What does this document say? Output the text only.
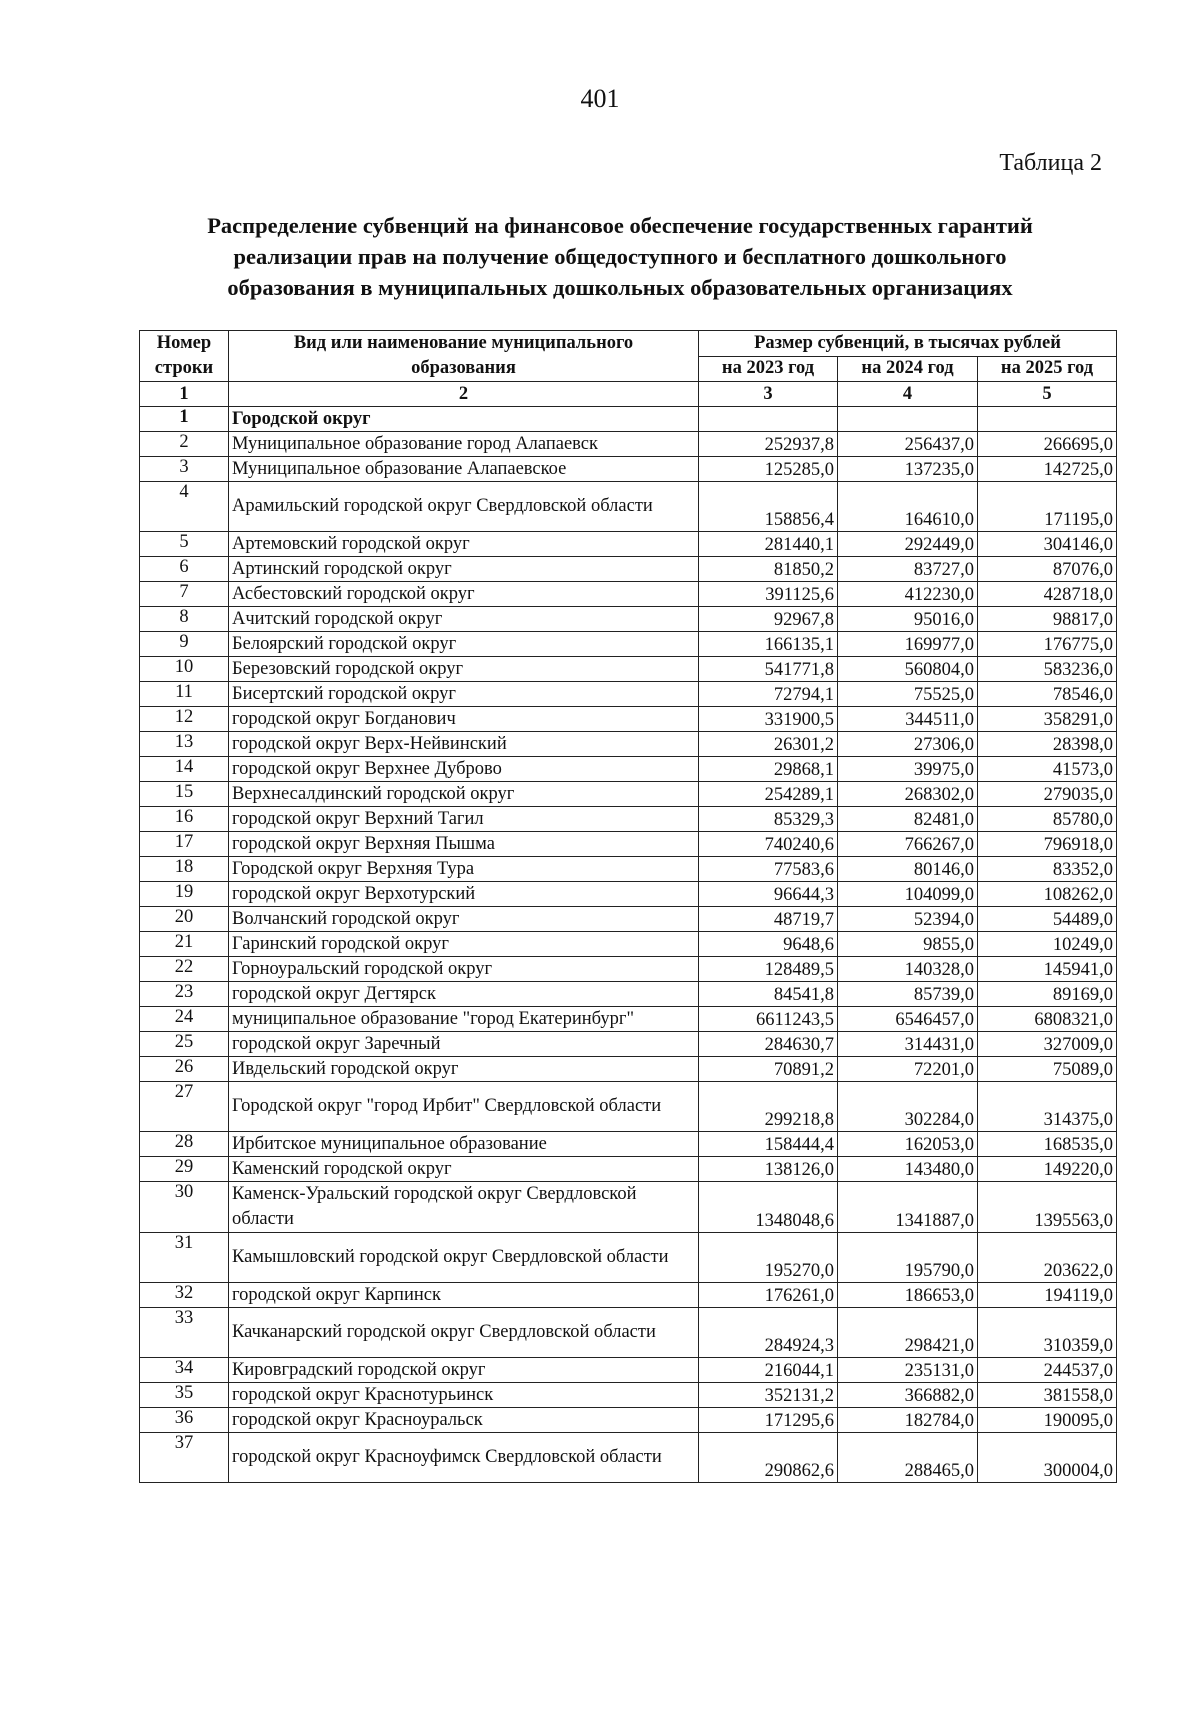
401
Таблица 2
Распределение субвенций на финансовое обеспечение государственных гарантий
реализации прав на получение общедоступного и бесплатного дошкольного
образования в муниципальных дошкольных образовательных организациях
Номер строки	Вид или наименование муниципального образования	Размер субвенций, в тысячах рублей		
		на 2023 год	на 2024 год	на 2025 год
1	2	3	4	5
1	Городской округ			
2	Муниципальное образование город Алапаевск	252937,8	256437,0	266695,0
3	Муниципальное образование Алапаевское	125285,0	137235,0	142725,0
4	Арамильский городской округ Свердловской области	158856,4	164610,0	171195,0
5	Артемовский городской округ	281440,1	292449,0	304146,0
6	Артинский городской округ	81850,2	83727,0	87076,0
7	Асбестовский городской округ	391125,6	412230,0	428718,0
8	Ачитский городской округ	92967,8	95016,0	98817,0
9	Белоярский городской округ	166135,1	169977,0	176775,0
10	Березовский городской округ	541771,8	560804,0	583236,0
11	Бисертский городской округ	72794,1	75525,0	78546,0
12	городской округ Богданович	331900,5	344511,0	358291,0
13	городской округ Верх-Нейвинский	26301,2	27306,0	28398,0
14	городской округ Верхнее Дуброво	29868,1	39975,0	41573,0
15	Верхнесалдинский городской округ	254289,1	268302,0	279035,0
16	городской округ Верхний Тагил	85329,3	82481,0	85780,0
17	городской округ Верхняя Пышма	740240,6	766267,0	796918,0
18	Городской округ Верхняя Тура	77583,6	80146,0	83352,0
19	городской округ Верхотурский	96644,3	104099,0	108262,0
20	Волчанский городской округ	48719,7	52394,0	54489,0
21	Гаринский городской округ	9648,6	9855,0	10249,0
22	Горноуральский городской округ	128489,5	140328,0	145941,0
23	городской округ Дегтярск	84541,8	85739,0	89169,0
24	муниципальное образование "город Екатеринбург"	6611243,5	6546457,0	6808321,0
25	городской округ Заречный	284630,7	314431,0	327009,0
26	Ивдельский городской округ	70891,2	72201,0	75089,0
27	Городской округ "город Ирбит" Свердловской области	299218,8	302284,0	314375,0
28	Ирбитское муниципальное образование	158444,4	162053,0	168535,0
29	Каменский городской округ	138126,0	143480,0	149220,0
30	Каменск-Уральский городской округ Свердловской области	1348048,6	1341887,0	1395563,0
31	Камышловский городской округ Свердловской области	195270,0	195790,0	203622,0
32	городской округ Карпинск	176261,0	186653,0	194119,0
33	Качканарский городской округ Свердловской области	284924,3	298421,0	310359,0
34	Кировградский городской округ	216044,1	235131,0	244537,0
35	городской округ Краснотурьинск	352131,2	366882,0	381558,0
36	городской округ Красноуральск	171295,6	182784,0	190095,0
37	городской округ Красноуфимск Свердловской области	290862,6	288465,0	300004,0
